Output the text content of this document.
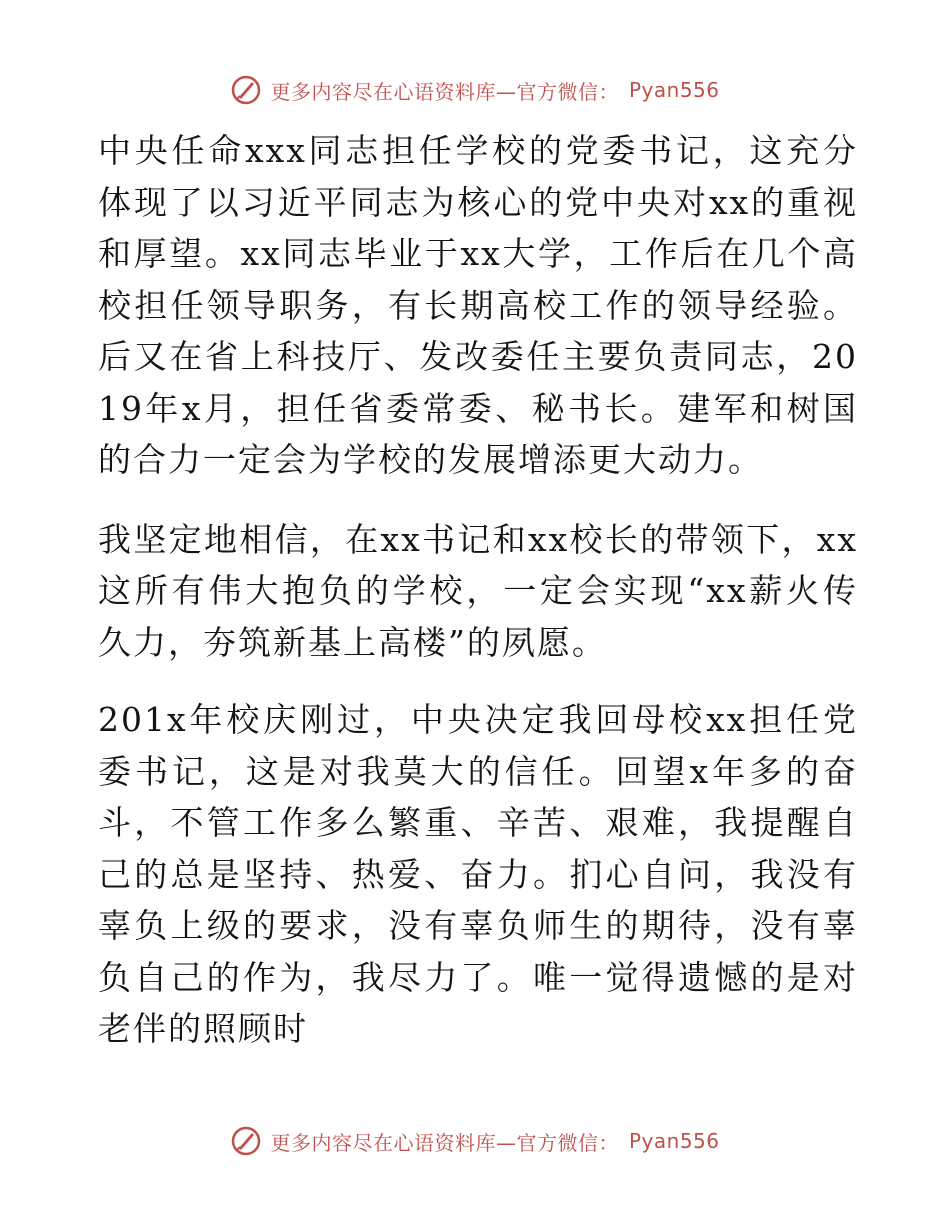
更多内容尽在心语资料库—官方微信： Pyan556

中央任命xxx同志担任学校的党委书记，这充分体现了以习近平同志为核心的党中央对xx的重视和厚望。xx同志毕业于xx大学，工作后在几个高校担任领导职务，有长期高校工作的领导经验。后又在省上科技厅、发改委任主要负责同志，2019年x月，担任省委常委、秘书长。建军和树国的合力一定会为学校的发展增添更大动力。

我坚定地相信，在xx书记和xx校长的带领下，xx这所有伟大抱负的学校，一定会实现“xx薪火传久力，夯筑新基上高楼”的夙愿。

201x年校庆刚过，中央决定我回母校xx担任党委书记，这是对我莫大的信任。回望x年多的奋斗，不管工作多么繁重、辛苦、艰难，我提醒自己的总是坚持、热爱、奋力。扪心自问，我没有辜负上级的要求，没有辜负师生的期待，没有辜负自己的作为，我尽力了。唯一觉得遗憾的是对老伴的照顾时

更多内容尽在心语资料库—官方微信： Pyan556
